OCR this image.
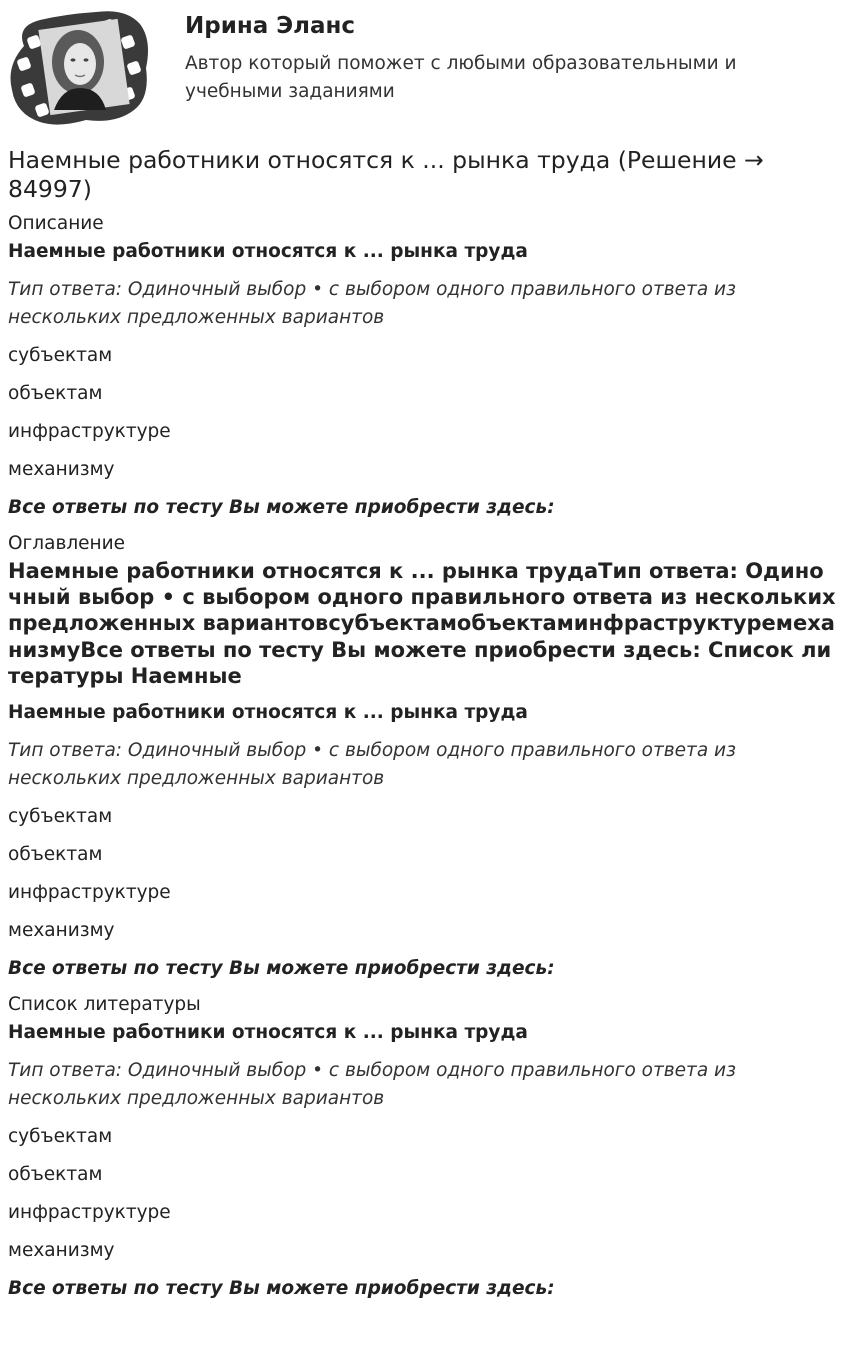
Ирина Эланс
Автор который поможет с любыми образовательными и учебными заданиями
Наемные работники относятся к ... рынка труда (Решение → 84997)

Описание

Наемные работники относятся к ... рынка труда

Тип ответа: Одиночный выбор • с выбором одного правильного ответа из нескольких предложенных вариантов

субъектам

объектам

инфраструктуре

механизму

Все ответы по тесту Вы можете приобрести здесь:

Оглавление

Наемные работники относятся к ... рынка трудаТип ответа: Одиночный выбор • с выбором одного правильного ответа из нескольких предложенных вариантовсубъектамобъектаминфраструктуремеханизмуВсе ответы по тесту Вы можете приобрести здесь: Список литературы Наемные

Наемные работники относятся к ... рынка труда

Тип ответа: Одиночный выбор • с выбором одного правильного ответа из нескольких предложенных вариантов

субъектам

объектам

инфраструктуре

механизму

Все ответы по тесту Вы можете приобрести здесь:

Список литературы

Наемные работники относятся к ... рынка труда

Тип ответа: Одиночный выбор • с выбором одного правильного ответа из нескольких предложенных вариантов

субъектам

объектам

инфраструктуре

механизму

Все ответы по тесту Вы можете приобрести здесь:
